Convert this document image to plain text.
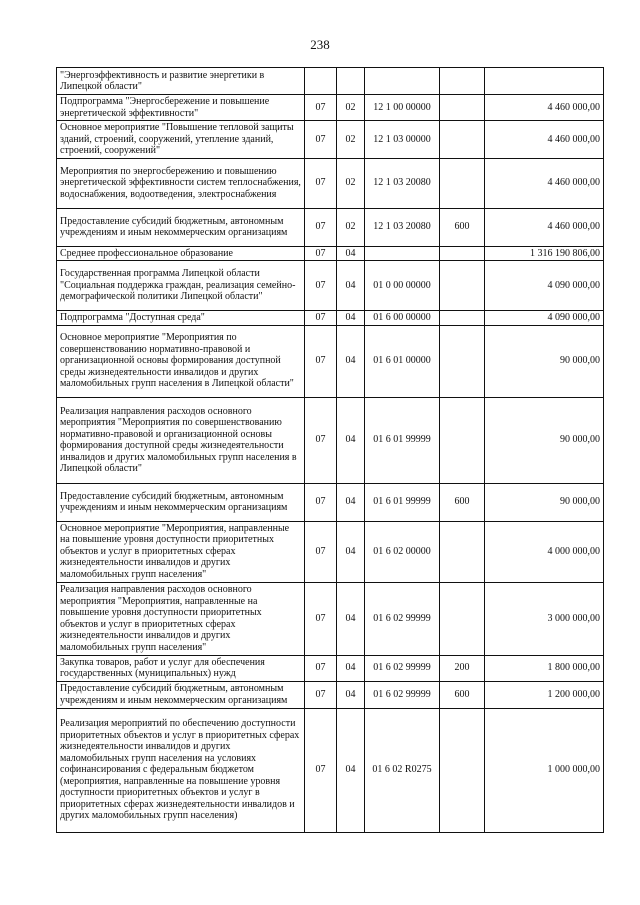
238
"Энергоэффективность и развитие энергетики в Липецкой области"					
Подпрограмма "Энергосбережение и повышение энергетической эффективности"	07	02	12 1 00 00000		4 460 000,00
Основное мероприятие "Повышение тепловой защиты зданий, строений, сооружений, утепление зданий, строений, сооружений"	07	02	12 1 03 00000		4 460 000,00
Мероприятия по энергосбережению и повышению энергетической эффективности систем теплоснабжения, водоснабжения, водоотведения, электроснабжения	07	02	12 1 03 20080		4 460 000,00
Предоставление субсидий бюджетным, автономным учреждениям и иным некоммерческим организациям	07	02	12 1 03 20080	600	4 460 000,00
Среднее профессиональное образование	07	04			1 316 190 806,00
Государственная программа Липецкой области "Социальная поддержка граждан, реализация семейно-демографической политики Липецкой области"	07	04	01 0 00 00000		4 090 000,00
Подпрограмма "Доступная среда"	07	04	01 6 00 00000		4 090 000,00
Основное мероприятие "Мероприятия по совершенствованию нормативно-правовой и организационной основы формирования доступной среды жизнедеятельности инвалидов и других маломобильных групп населения в Липецкой области"	07	04	01 6 01 00000		90 000,00
Реализация направления расходов основного мероприятия "Мероприятия по совершенствованию нормативно-правовой и организационной основы формирования доступной среды жизнедеятельности инвалидов и других маломобильных групп населения в Липецкой области"	07	04	01 6 01 99999		90 000,00
Предоставление субсидий бюджетным, автономным учреждениям и иным некоммерческим организациям	07	04	01 6 01 99999	600	90 000,00
Основное мероприятие "Мероприятия, направленные на повышение уровня доступности приоритетных объектов и услуг в приоритетных сферах жизнедеятельности инвалидов и других маломобильных групп населения"	07	04	01 6 02 00000		4 000 000,00
Реализация направления расходов основного мероприятия "Мероприятия, направленные на повышение уровня доступности приоритетных объектов и услуг в приоритетных сферах жизнедеятельности инвалидов и других маломобильных групп населения"	07	04	01 6 02 99999		3 000 000,00
Закупка товаров, работ и услуг для обеспечения государственных (муниципальных) нужд	07	04	01 6 02 99999	200	1 800 000,00
Предоставление субсидий бюджетным, автономным учреждениям и иным некоммерческим организациям	07	04	01 6 02 99999	600	1 200 000,00
Реализация мероприятий по обеспечению доступности приоритетных объектов и услуг в приоритетных сферах жизнедеятельности инвалидов и других маломобильных групп населения на условиях софинансирования с федеральным бюджетом (мероприятия, направленные на повышение уровня доступности приоритетных объектов и услуг в приоритетных сферах жизнедеятельности инвалидов и других маломобильных групп населения)	07	04	01 6 02 R0275		1 000 000,00
